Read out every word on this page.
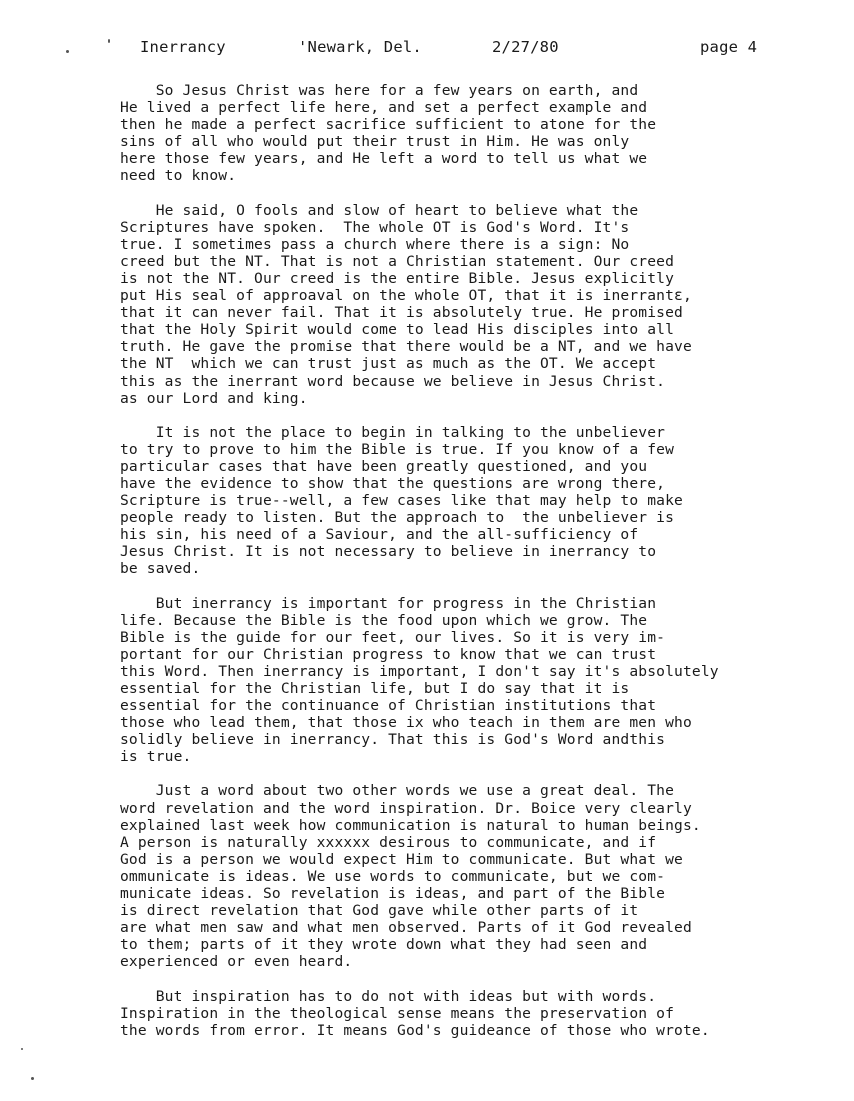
Inerrancy	'Newark, Del.	2/27/80	page 4
So Jesus Christ was here for a few years on earth, and
He lived a perfect life here, and set a perfect example and
then he made a perfect sacrifice sufficient to atone for the
sins of all who would put their trust in Him. He was only
here those few years, and He left a word to tell us what we
need to know.
He said, O fools and slow of heart to believe what the
Scriptures have spoken.  The whole OT is God's Word. It's
true. I sometimes pass a church where there is a sign: No
creed but the NT. That is not a Christian statement. Our creed
is not the NT. Our creed is the entire Bible. Jesus explicitly
put His seal of approaval on the whole OT, that it is inerrantε,
that it can never fail. That it is absolutely true. He promised
that the Holy Spirit would come to lead His disciples into all
truth. He gave the promise that there would be a NT, and we have
the NT  which we can trust just as much as the OT. We accept
this as the inerrant word because we believe in Jesus Christ.
as our Lord and king.
It is not the place to begin in talking to the unbeliever
to try to prove to him the Bible is true. If you know of a few
particular cases that have been greatly questioned, and you
have the evidence to show that the questions are wrong there,
Scripture is true--well, a few cases like that may help to make
people ready to listen. But the approach to  the unbeliever is
his sin, his need of a Saviour, and the all-sufficiency of
Jesus Christ. It is not necessary to believe in inerrancy to
be saved.
But inerrancy is important for progress in the Christian
life. Because the Bible is the food upon which we grow. The
Bible is the guide for our feet, our lives. So it is very im-
portant for our Christian progress to know that we can trust
this Word. Then inerrancy is important, I don't say it's absolutely
essential for the Christian life, but I do say that it is
essential for the continuance of Christian institutions that
those who lead them, that those ix who teach in them are men who
solidly believe in inerrancy. That this is God's Word andthis
is true.
Just a word about two other words we use a great deal. The
word revelation and the word inspiration. Dr. Boice very clearly
explained last week how communication is natural to human beings.
A person is naturally xxxxxx desirous to communicate, and if
God is a person we would expect Him to communicate. But what we
ommunicate is ideas. We use words to communicate, but we com-
municate ideas. So revelation is ideas, and part of the Bible
is direct revelation that God gave while other parts of it
are what men saw and what men observed. Parts of it God revealed
to them; parts of it they wrote down what they had seen and
experienced or even heard.
But inspiration has to do not with ideas but with words.
Inspiration in the theological sense means the preservation of
the words from error. It means God's guideance of those who wrote.
